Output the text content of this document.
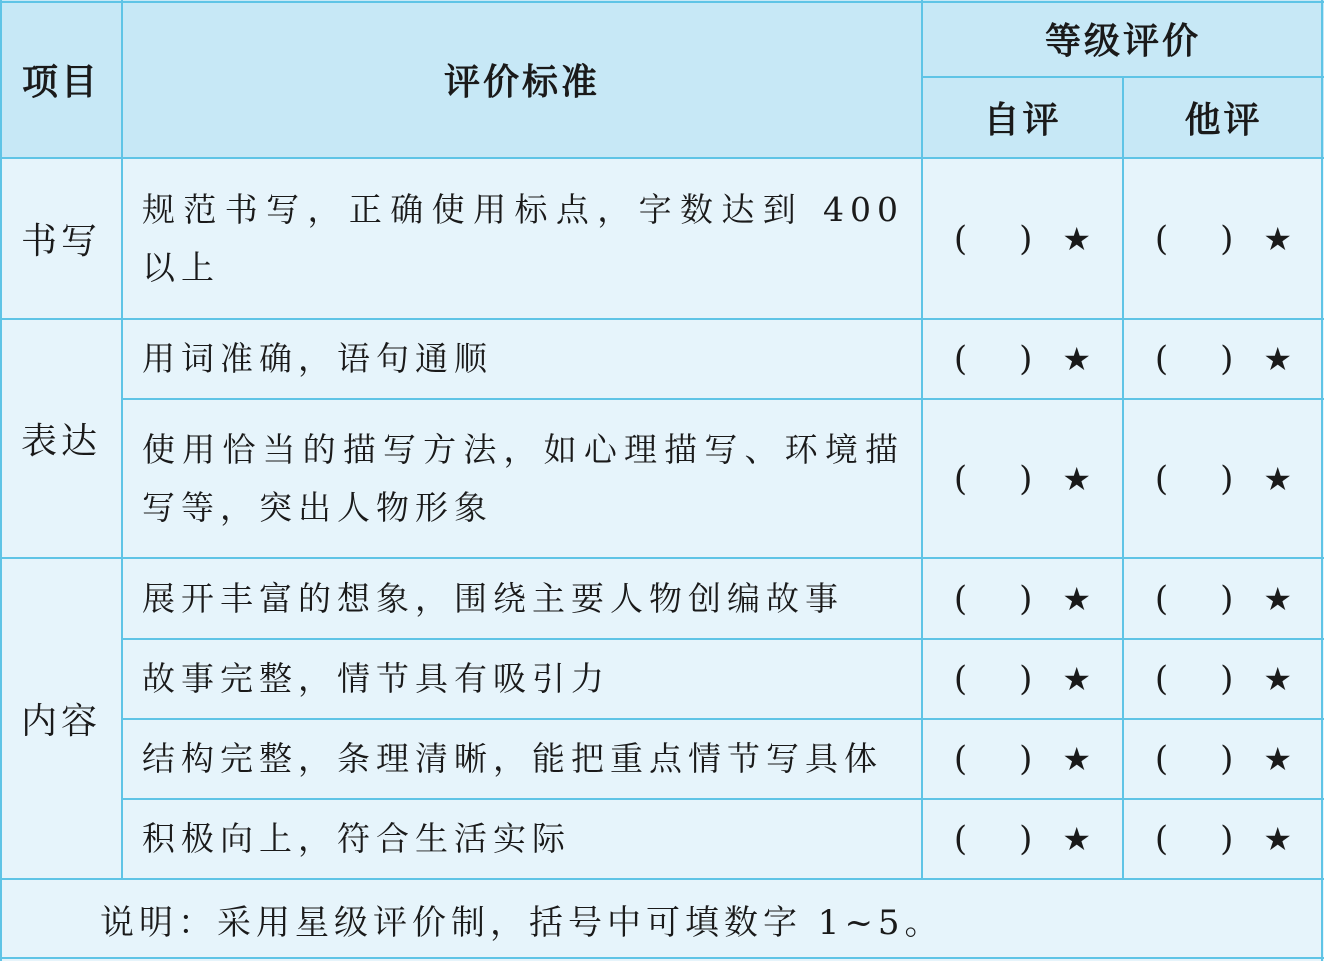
项目	评价标准
等级评价
自评	他评
书写
表达
内容
规范书写，正确使用标点，字数达到 400 以上
用词准确，语句通顺
使用恰当的描写方法，如心理描写、环境描写等，突出人物形象
展开丰富的想象，围绕主要人物创编故事
故事完整，情节具有吸引力
结构完整，条理清晰，能把重点情节写具体
积极向上，符合生活实际
( ) ★ ( ) ★
( ) ★ ( ) ★
( ) ★ ( ) ★
( ) ★ ( ) ★
( ) ★ ( ) ★
( ) ★ ( ) ★
( ) ★ ( ) ★
说明：采用星级评价制，括号中可填数字 1~5。
